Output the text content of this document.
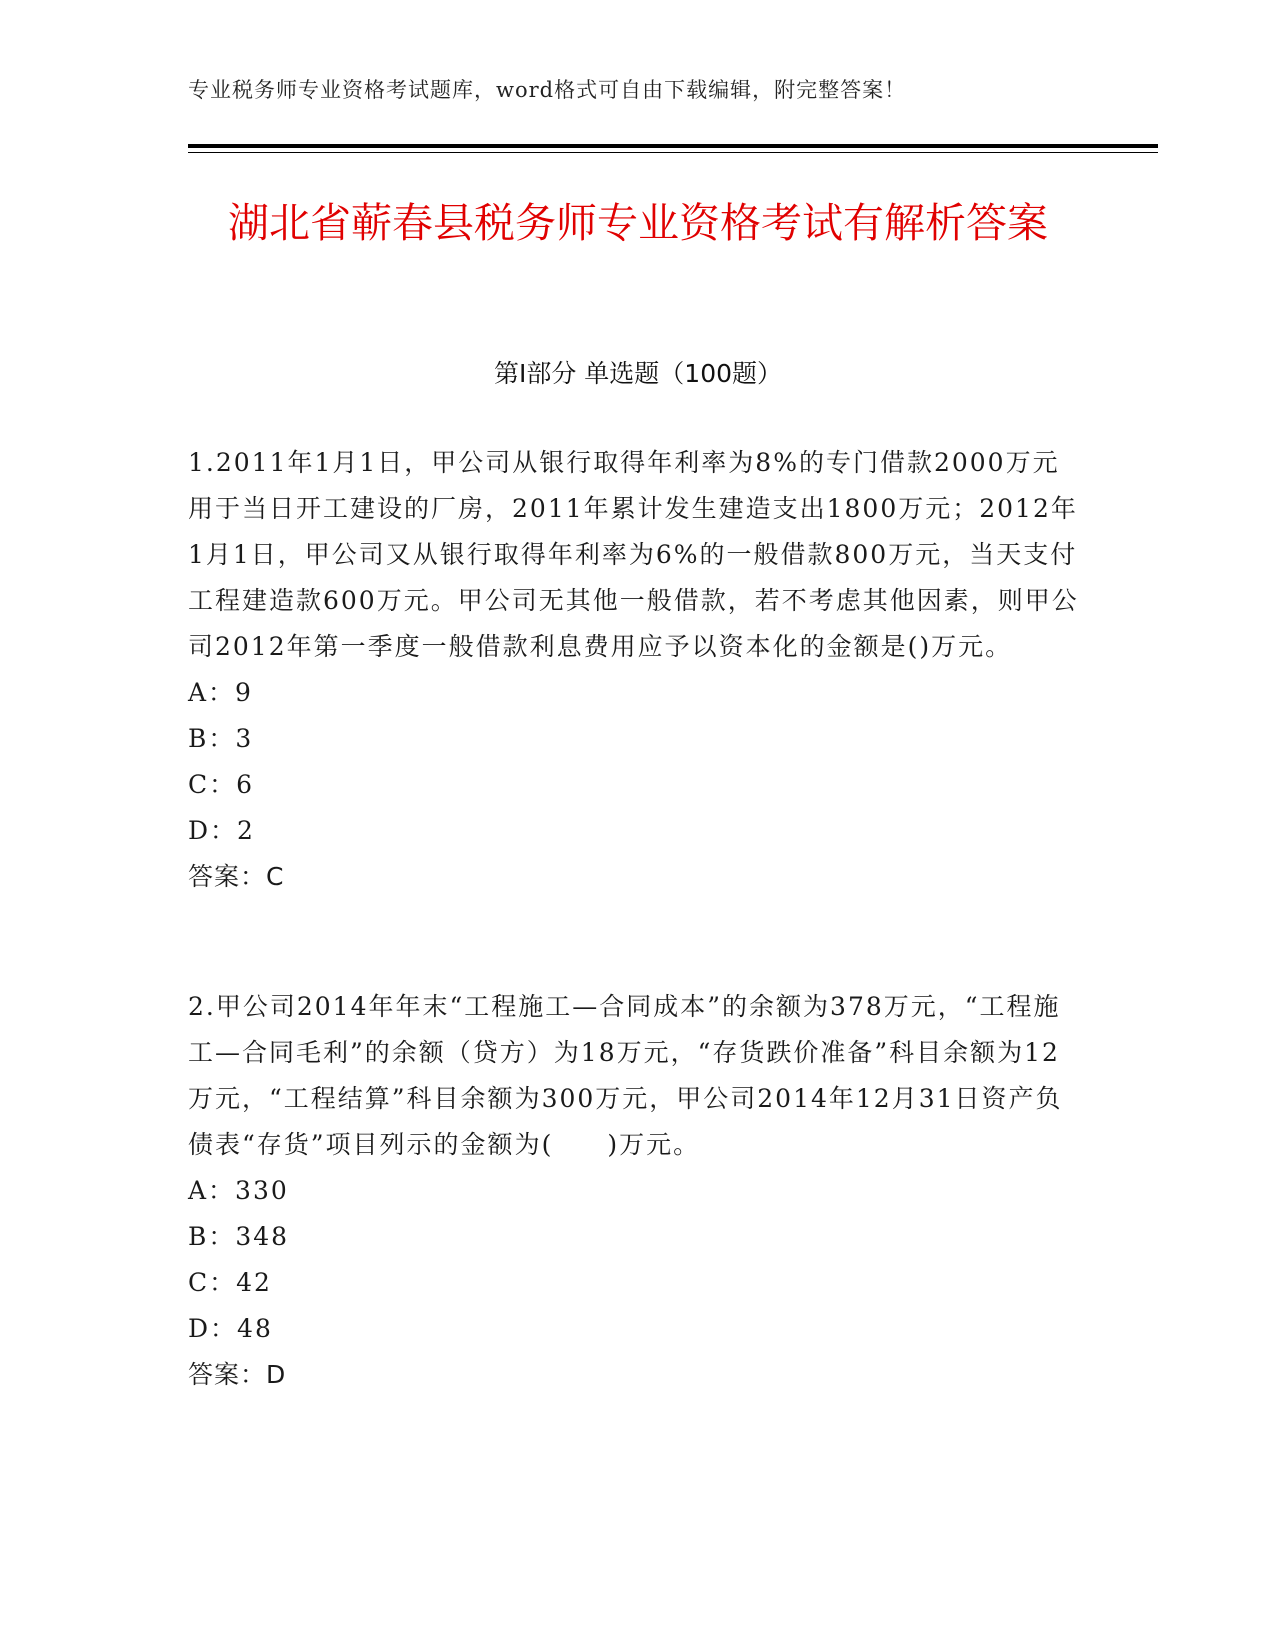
专业税务师专业资格考试题库，word格式可自由下载编辑，附完整答案！
湖北省蕲春县税务师专业资格考试有解析答案
第Ⅰ部分 单选题（100题）

1.2011年1月1日，甲公司从银行取得年利率为8%的专门借款2000万元用于当日开工建设的厂房，2011年累计发生建造支出1800万元；2012年1月1日，甲公司又从银行取得年利率为6%的一般借款800万元，当天支付工程建造款600万元。甲公司无其他一般借款，若不考虑其他因素，则甲公司2012年第一季度一般借款利息费用应予以资本化的金额是()万元。

A：9

B：3

C：6

D：2

答案：C

2.甲公司2014年年末“工程施工—合同成本”的余额为378万元，“工程施工—合同毛利”的余额（贷方）为18万元，“存货跌价准备”科目余额为12万元，“工程结算”科目余额为300万元，甲公司2014年12月31日资产负债表“存货”项目列示的金额为(　　)万元。

A：330

B：348

C：42

D：48

答案：D
